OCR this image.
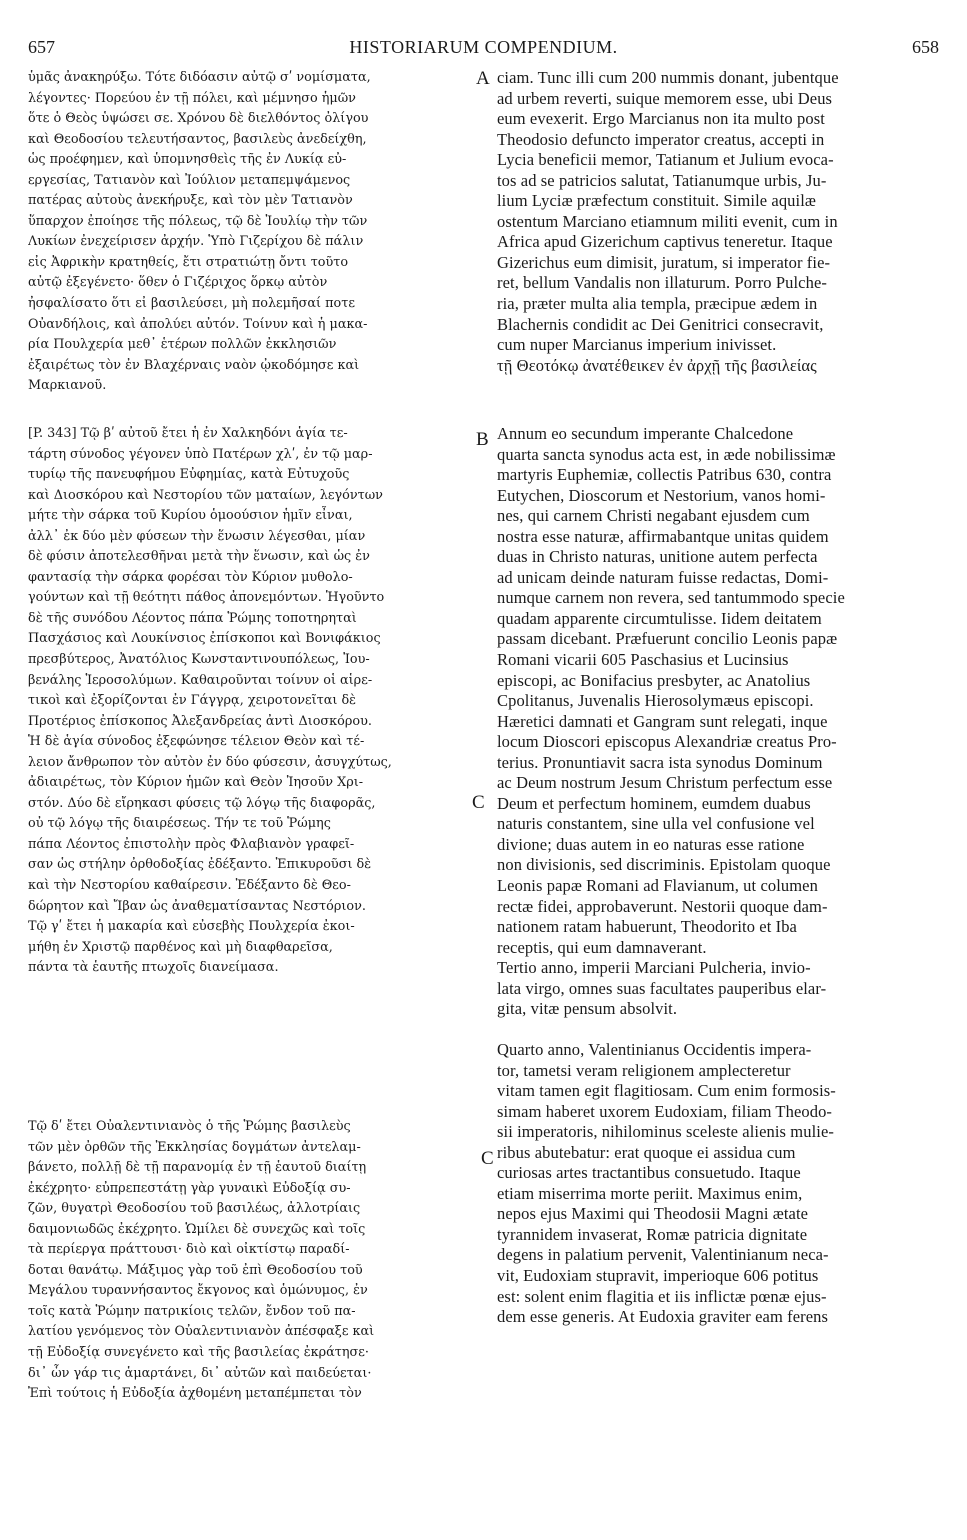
657	HISTORIARUM COMPENDIUM.	658
A
B
C
C
ὑμᾶς ἀνακηρύξω. Τότε διδόασιν αὐτῷ σʹ νομίσματα,
λέγοντες· Πορεύου ἐν τῇ πόλει, καὶ μέμνησο ἡμῶν
ὅτε ὁ Θεὸς ὑψώσει σε. Χρόνου δὲ διελθόντος ὀλίγου
καὶ Θεοδοσίου τελευτήσαντος, βασιλεὺς ἀνεδείχθη,
ὡς προέφημεν, καὶ ὑπομνησθεὶς τῆς ἐν Λυκίᾳ εὐ-
εργεσίας, Τατιανὸν καὶ Ἰούλιον μεταπεμψάμενος
πατέρας αὐτοὺς ἀνεκήρυξε, καὶ τὸν μὲν Τατιανὸν
ὕπαρχον ἐποίησε τῆς πόλεως, τῷ δὲ Ἰουλίῳ τὴν τῶν
Λυκίων ἐνεχείρισεν ἀρχήν. Ὑπὸ Γιζερίχου δὲ πάλιν
εἰς Ἀφρικὴν κρατηθείς, ἔτι στρατιώτῃ ὄντι τοῦτο
αὐτῷ ἐξεγένετο· ὅθεν ὁ Γιζέριχος ὅρκῳ αὐτὸν
ἠσφαλίσατο ὅτι εἰ βασιλεύσει, μὴ πολεμῆσαί ποτε
Οὐανδήλοις, καὶ ἀπολύει αὐτόν. Τοίνυν καὶ ἡ μακα-
ρία Πουλχερία μεθ᾿ ἑτέρων πολλῶν ἐκκλησιῶν
ἐξαιρέτως τὸν ἐν Βλαχέρναις ναὸν ᾠκοδόμησε καὶ
Μαρκιανοῦ.
[P. 343] Τῷ βʹ αὐτοῦ ἔτει ἡ ἐν Χαλκηδόνι ἁγία τε-
τάρτη σύνοδος γέγονεν ὑπὸ Πατέρων χλʹ, ἐν τῷ μαρ-
τυρίῳ τῆς πανευφήμου Εὐφημίας, κατὰ Εὐτυχοῦς
καὶ Διοσκόρου καὶ Νεστορίου τῶν ματαίων, λεγόντων
μήτε τὴν σάρκα τοῦ Κυρίου ὁμοούσιον ἡμῖν εἶναι,
ἀλλ᾿ ἐκ δύο μὲν φύσεων τὴν ἕνωσιν λέγεσθαι, μίαν
δὲ φύσιν ἀποτελεσθῆναι μετὰ τὴν ἕνωσιν, καὶ ὡς ἐν
φαντασίᾳ τὴν σάρκα φορέσαι τὸν Κύριον μυθολο-
γούντων καὶ τῇ θεότητι πάθος ἀπονεμόντων. Ἡγοῦντο
δὲ τῆς συνόδου Λέοντος πάπα Ῥώμης τοποτηρηταὶ
Πασχάσιος καὶ Λουκίνσιος ἐπίσκοποι καὶ Βονιφάκιος
πρεσβύτερος, Ἀνατόλιος Κωνσταντινουπόλεως, Ἰου-
βενάλης Ἱεροσολύμων. Καθαιροῦνται τοίνυν οἱ αἱρε-
τικοὶ καὶ ἐξορίζονται ἐν Γάγγρᾳ, χειροτονεῖται δὲ
Προτέριος ἐπίσκοπος Ἀλεξανδρείας ἀντὶ Διοσκόρου.
Ἡ δὲ ἁγία σύνοδος ἐξεφώνησε τέλειον Θεὸν καὶ τέ-
λειον ἄνθρωπον τὸν αὐτὸν ἐν δύο φύσεσιν, ἀσυγχύτως,
ἀδιαιρέτως, τὸν Κύριον ἡμῶν καὶ Θεὸν Ἰησοῦν Χρι-
στόν. Δύο δὲ εἴρηκασι φύσεις τῷ λόγῳ τῆς διαφορᾶς,
οὐ τῷ λόγῳ τῆς διαιρέσεως. Τήν τε τοῦ Ῥώμης
πάπα Λέοντος ἐπιστολὴν πρὸς Φλαβιανὸν γραφεῖ-
σαν ὡς στήλην ὀρθοδοξίας ἐδέξαντο. Ἐπικυροῦσι δὲ
καὶ τὴν Νεστορίου καθαίρεσιν. Ἐδέξαντο δὲ Θεο-
δώρητον καὶ Ἴβαν ὡς ἀναθεματίσαντας Νεστόριον.
Τῷ γʹ ἔτει ἡ μακαρία καὶ εὐσεβὴς Πουλχερία ἐκοι-
μήθη ἐν Χριστῷ παρθένος καὶ μὴ διαφθαρεῖσα,
πάντα τὰ ἑαυτῆς πτωχοῖς διανείμασα.
Τῷ δʹ ἔτει Οὐαλεντινιανὸς ὁ τῆς Ῥώμης βασιλεὺς
τῶν μὲν ὀρθῶν τῆς Ἐκκλησίας δογμάτων ἀντελαμ-
βάνετο, πολλῇ δὲ τῇ παρανομίᾳ ἐν τῇ ἑαυτοῦ διαίτῃ
ἐκέχρητο· εὐπρεπεστάτῃ γὰρ γυναικὶ Εὐδοξίᾳ συ-
ζῶν, θυγατρὶ Θεοδοσίου τοῦ βασιλέως, ἀλλοτρίαις
δαιμονιωδῶς ἐκέχρητο. Ὡμίλει δὲ συνεχῶς καὶ τοῖς
τὰ περίεργα πράττουσι· διὸ καὶ οἰκτίστῳ παραδί-
δοται θανάτῳ. Μάξιμος γὰρ τοῦ ἐπὶ Θεοδοσίου τοῦ
Μεγάλου τυραννήσαντος ἔκγονος καὶ ὁμώνυμος, ἐν
τοῖς κατὰ Ῥώμην πατρικίοις τελῶν, ἔνδον τοῦ πα-
λατίου γενόμενος τὸν Οὐαλεντινιανὸν ἀπέσφαξε καὶ
τῇ Εὐδοξίᾳ συνεγένετο καὶ τῆς βασιλείας ἐκράτησε·
δι᾿ ὧν γάρ τις ἁμαρτάνει, δι᾿ αὐτῶν καὶ παιδεύεται·
Ἐπὶ τούτοις ἡ Εὐδοξία ἀχθομένη μεταπέμπεται τὸν
ciam. Tunc illi cum 200 nummis donant, jubentque
ad urbem reverti, suique memorem esse, ubi Deus
eum evexerit. Ergo Marcianus non ita multo post
Theodosio defuncto imperator creatus, accepti in
Lycia beneficii memor, Tatianum et Julium evoca-
tos ad se patricios salutat, Tatianumque urbis, Ju-
lium Lyciæ præfectum constituit. Simile aquilæ
ostentum Marciano etiamnum militi evenit, cum in
Africa apud Gizerichum captivus teneretur. Itaque
Gizerichus eum dimisit, juratum, si imperator fie-
ret, bellum Vandalis non illaturum. Porro Pulche-
ria, præter multa alia templa, præcipue ædem in
Blachernis condidit ac Dei Genitrici consecravit,
cum nuper Marcianus imperium inivisset.
τῇ Θεοτόκῳ ἀνατέθεικεν ἐν ἀρχῇ τῆς βασιλείας
Annum eo secundum imperante Chalcedone
quarta sancta synodus acta est, in æde nobilissimæ
martyris Euphemiæ, collectis Patribus 630, contra
Eutychen, Dioscorum et Nestorium, vanos homi-
nes, qui carnem Christi negabant ejusdem cum
nostra esse naturæ, affirmabantque unitas quidem
duas in Christo naturas, unitione autem perfecta
ad unicam deinde naturam fuisse redactas, Domi-
numque carnem non revera, sed tantummodo specie
quadam apparente circumtulisse. Iidem deitatem
passam dicebant. Præfuerunt concilio Leonis papæ
Romani vicarii 605 Paschasius et Lucinsius
episcopi, ac Bonifacius presbyter, ac Anatolius
Cpolitanus, Juvenalis Hierosolymæus episcopi.
Hæretici damnati et Gangram sunt relegati, inque
locum Dioscori episcopus Alexandriæ creatus Pro-
terius. Pronuntiavit sacra ista synodus Dominum
ac Deum nostrum Jesum Christum perfectum esse
Deum et perfectum hominem, eumdem duabus
naturis constantem, sine ulla vel confusione vel
divione; duas autem in eo naturas esse ratione
non divisionis, sed discriminis. Epistolam quoque
Leonis papæ Romani ad Flavianum, ut columen
rectæ fidei, approbaverunt. Nestorii quoque dam-
nationem ratam habuerunt, Theodorito et Iba
receptis, qui eum damnaverant.
Tertio anno, imperii Marciani Pulcheria, invio-
lata virgo, omnes suas facultates pauperibus elar-
gita, vitæ pensum absolvit.
Quarto anno, Valentinianus Occidentis impera-
tor, tametsi veram religionem amplecteretur
vitam tamen egit flagitiosam. Cum enim formosis-
simam haberet uxorem Eudoxiam, filiam Theodo-
sii imperatoris, nihilominus sceleste alienis mulie-
ribus abutebatur: erat quoque ei assidua cum
curiosas artes tractantibus consuetudo. Itaque
etiam miserrima morte periit. Maximus enim,
nepos ejus Maximi qui Theodosii Magni ætate
tyrannidem invaserat, Romæ patricia dignitate
degens in palatium pervenit, Valentinianum neca-
vit, Eudoxiam stupravit, imperioque 606 potitus
est: solent enim flagitia et iis inflictæ pœnæ ejus-
dem esse generis. At Eudoxia graviter eam ferens
